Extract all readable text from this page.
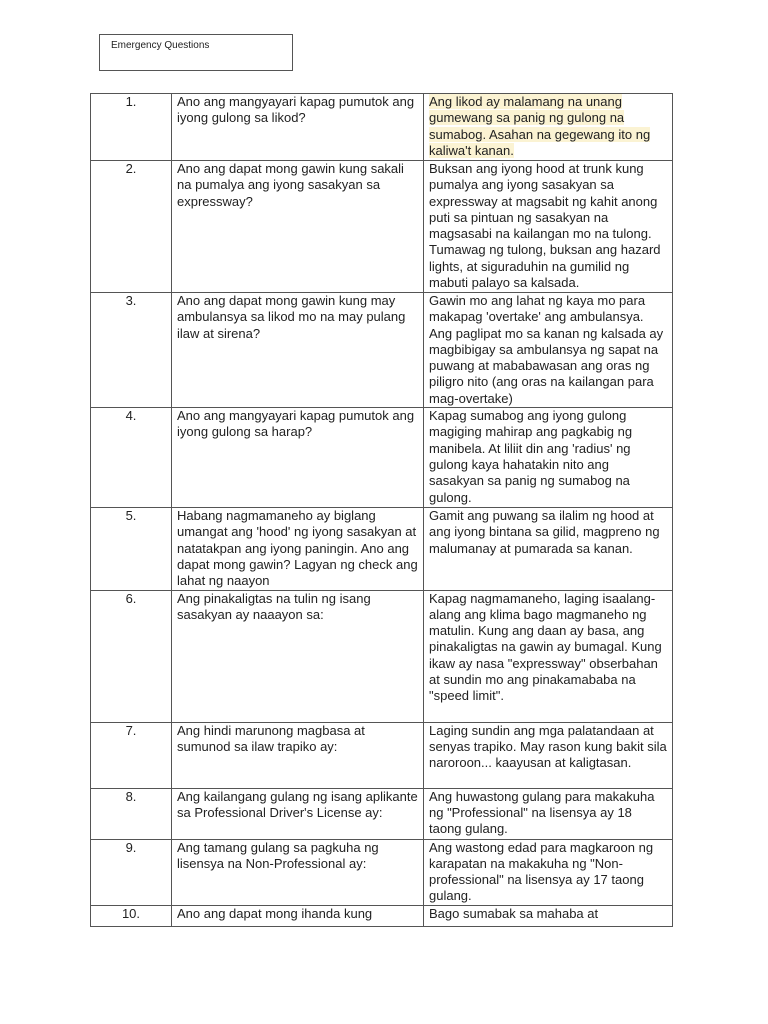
Emergency Questions
1.	Ano ang mangyayari kapag pumutok ang iyong gulong sa likod?	Ang likod ay malamang na unang gumewang sa panig ng gulong na sumabog. Asahan na gegewang ito ng kaliwa't kanan.
2.	Ano ang dapat mong gawin kung sakali na pumalya ang iyong sasakyan sa expressway?	Buksan ang iyong hood at trunk kung pumalya ang iyong sasakyan sa expressway at magsabit ng kahit anong puti sa pintuan ng sasakyan na magsasabi na kailangan mo na tulong. Tumawag ng tulong, buksan ang hazard lights, at siguraduhin na gumilid ng mabuti palayo sa kalsada.
3.	Ano ang dapat mong gawin kung may ambulansya sa likod mo na may pulang ilaw at sirena?	Gawin mo ang lahat ng kaya mo para makapag 'overtake' ang ambulansya. Ang paglipat mo sa kanan ng kalsada ay magbibigay sa ambulansya ng sapat na puwang at mababawasan ang oras ng piligro nito (ang oras na kailangan para mag-overtake)
4.	Ano ang mangyayari kapag pumutok ang iyong gulong sa harap?	Kapag sumabog ang iyong gulong magiging mahirap ang pagkabig ng manibela. At liliit din ang 'radius' ng gulong kaya hahatakin nito ang sasakyan sa panig ng sumabog na gulong.
5.	Habang nagmamaneho ay biglang umangat ang 'hood' ng iyong sasakyan at natatakpan ang iyong paningin. Ano ang dapat mong gawin? Lagyan ng check ang lahat ng naayon	Gamit ang puwang sa ilalim ng hood at ang iyong bintana sa gilid, magpreno ng malumanay at pumarada sa kanan.
6.	Ang pinakaligtas na tulin ng isang sasakyan ay naaayon sa:	Kapag nagmamaneho, laging isaalang-alang ang klima bago magmaneho ng matulin. Kung ang daan ay basa, ang pinakaligtas na gawin ay bumagal. Kung ikaw ay nasa "expressway" obserbahan at sundin mo ang pinakamababa na "speed limit".
7.	Ang hindi marunong magbasa at sumunod sa ilaw trapiko ay:	Laging sundin ang mga palatandaan at senyas trapiko. May rason kung bakit sila naroroon... kaayusan at kaligtasan.
8.	Ang kailangang gulang ng isang aplikante sa Professional Driver's License ay:	Ang huwastong gulang para makakuha ng "Professional" na lisensya ay 18 taong gulang.
9.	Ang tamang gulang sa pagkuha ng lisensya na Non-Professional ay:	Ang wastong edad para magkaroon ng karapatan na makakuha ng "Non-professional" na lisensya ay 17 taong gulang.
10.	Ano ang dapat mong ihanda kung	Bago sumabak sa mahaba at
